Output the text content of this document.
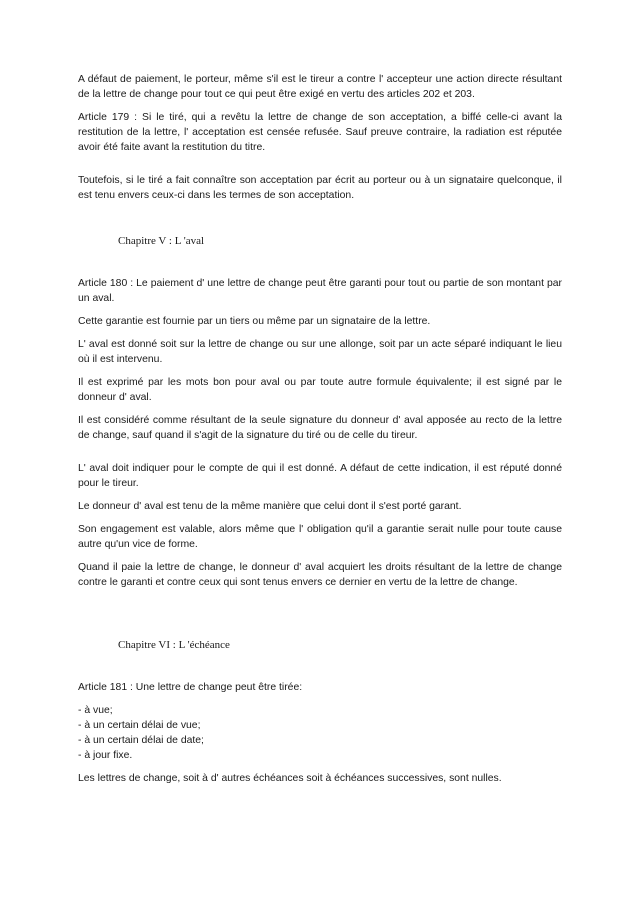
A défaut de paiement, le porteur, même s'il est le tireur a contre l' accepteur une action directe résultant de la lettre de change pour tout ce qui peut être exigé en vertu des articles 202 et 203.

Article 179 : Si le tiré, qui a revêtu la lettre de change de son acceptation, a biffé celle-ci avant la restitution de la lettre, l' acceptation est censée refusée. Sauf preuve contraire, la radiation est réputée avoir été faite avant la restitution du titre.

Toutefois, si le tiré a fait connaître son acceptation par écrit au porteur ou à un signataire quelconque, il est tenu envers ceux-ci dans les termes de son acceptation.

Chapitre V : L 'aval

Article 180 : Le paiement d' une lettre de change peut être garanti pour tout ou partie de son montant par un aval.

Cette garantie est fournie par un tiers ou même par un signataire de la lettre.

L' aval est donné soit sur la lettre de change ou sur une allonge, soit par un acte séparé indiquant le lieu où il est intervenu.

Il est exprimé par les mots bon pour aval ou par toute autre formule équivalente; il est signé par le donneur d' aval.

Il est considéré comme résultant de la seule signature du donneur d' aval apposée au recto de la lettre de change, sauf quand il s'agit de la signature du tiré ou de celle du tireur.

L' aval doit indiquer pour le compte de qui il est donné. A défaut de cette indication, il est réputé donné pour le tireur.

Le donneur d' aval est tenu de la même manière que celui dont il s'est porté garant.

Son engagement est valable, alors même que l' obligation qu'il a garantie serait nulle pour toute cause autre qu'un vice de forme.

Quand il paie la lettre de change, le donneur d' aval acquiert les droits résultant de la lettre de change contre le garanti et contre ceux qui sont tenus envers ce dernier en vertu de la lettre de change.

Chapitre VI : L 'échéance

Article 181 : Une lettre de change peut être tirée:

- à vue;
- à un certain délai de vue;
- à un certain délai de date;
- à jour fixe.

Les lettres de change, soit à d' autres échéances soit à échéances successives, sont nulles.
